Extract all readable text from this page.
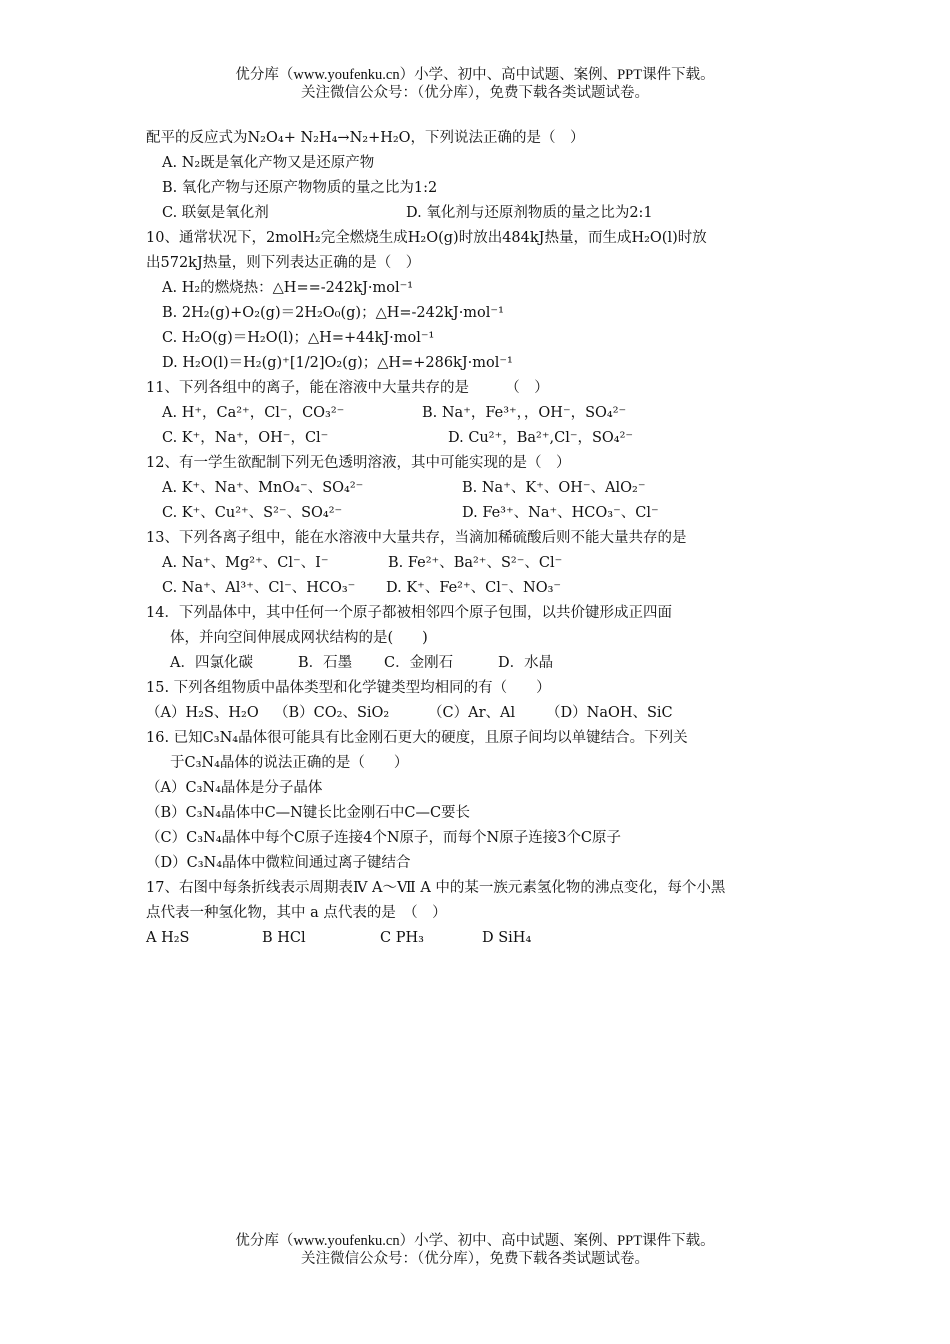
优分库（www.youfenku.cn）小学、初中、高中试题、案例、PPT课件下载。
关注微信公众号：（优分库），免费下载各类试题试卷。
配平的反应式为N₂O₄+ N₂H₄→N₂+H₂O，下列说法正确的是（　）
A. N₂既是氧化产物又是还原产物
B. 氧化产物与还原产物物质的量之比为1:2
C. 联氨是氧化剂	D. 氧化剂与还原剂物质的量之比为2:1
10、通常状况下，2molH₂完全燃烧生成H₂O(g)时放出484kJ热量，而生成H₂O(l)时放
出572kJ热量，则下列表达正确的是（　）
A. H₂的燃烧热：△H==-242kJ·mol⁻¹
B. 2H₂(g)+O₂(g)＝2H₂O₀(g)；△H=-242kJ·mol⁻¹
C. H₂O(g)＝H₂O(l)；△H=+44kJ·mol⁻¹
D. H₂O(l)＝H₂(g)⁺[1/2]O₂(g)；△H=+286kJ·mol⁻¹
11、下列各组中的离子，能在溶液中大量共存的是　　　（　）
A. H⁺，Ca²⁺，Cl⁻，CO₃²⁻	B. Na⁺，Fe³⁺，，OH⁻，SO₄²⁻
C. K⁺，Na⁺，OH⁻，Cl⁻	D. Cu²⁺，Ba²⁺,Cl⁻，SO₄²⁻
12、有一学生欲配制下列无色透明溶液，其中可能实现的是（　）
A. K⁺、Na⁺、MnO₄⁻、SO₄²⁻	B. Na⁺、K⁺、OH⁻、AlO₂⁻
C. K⁺、Cu²⁺、S²⁻、SO₄²⁻	D. Fe³⁺、Na⁺、HCO₃⁻、Cl⁻
13、下列各离子组中，能在水溶液中大量共存，当滴加稀硫酸后则不能大量共存的是
A. Na⁺、Mg²⁺、Cl⁻、I⁻	B. Fe²⁺、Ba²⁺、S²⁻、Cl⁻
C. Na⁺、Al³⁺、Cl⁻、HCO₃⁻ D. K⁺、Fe²⁺、Cl⁻、NO₃⁻
14．下列晶体中，其中任何一个原子都被相邻四个原子包围，以共价键形成正四面
体，并向空间伸展成网状结构的是(　　)
A．四氯化碳	B．石墨 C．金刚石	D．水晶
15. 下列各组物质中晶体类型和化学键类型均相同的有（　　）
（A）H₂S、H₂O （B）CO₂、SiO₂	（C）Ar、Al （D）NaOH、SiC
16. 已知C₃N₄晶体很可能具有比金刚石更大的硬度，且原子间均以单键结合。下列关
于C₃N₄晶体的说法正确的是（　　）
（A）C₃N₄晶体是分子晶体
（B）C₃N₄晶体中C—N键长比金刚石中C—C要长
（C）C₃N₄晶体中每个C原子连接4个N原子，而每个N原子连接3个C原子
（D）C₃N₄晶体中微粒间通过离子键结合
17、右图中每条折线表示周期表Ⅳ A～Ⅶ A 中的某一族元素氢化物的沸点变化，每个小黑
点代表一种氢化物，其中 a 点代表的是　（　）
A H₂S	B HCl	C PH₃	D SiH₄
优分库（www.youfenku.cn）小学、初中、高中试题、案例、PPT课件下载。
关注微信公众号：（优分库），免费下载各类试题试卷。
